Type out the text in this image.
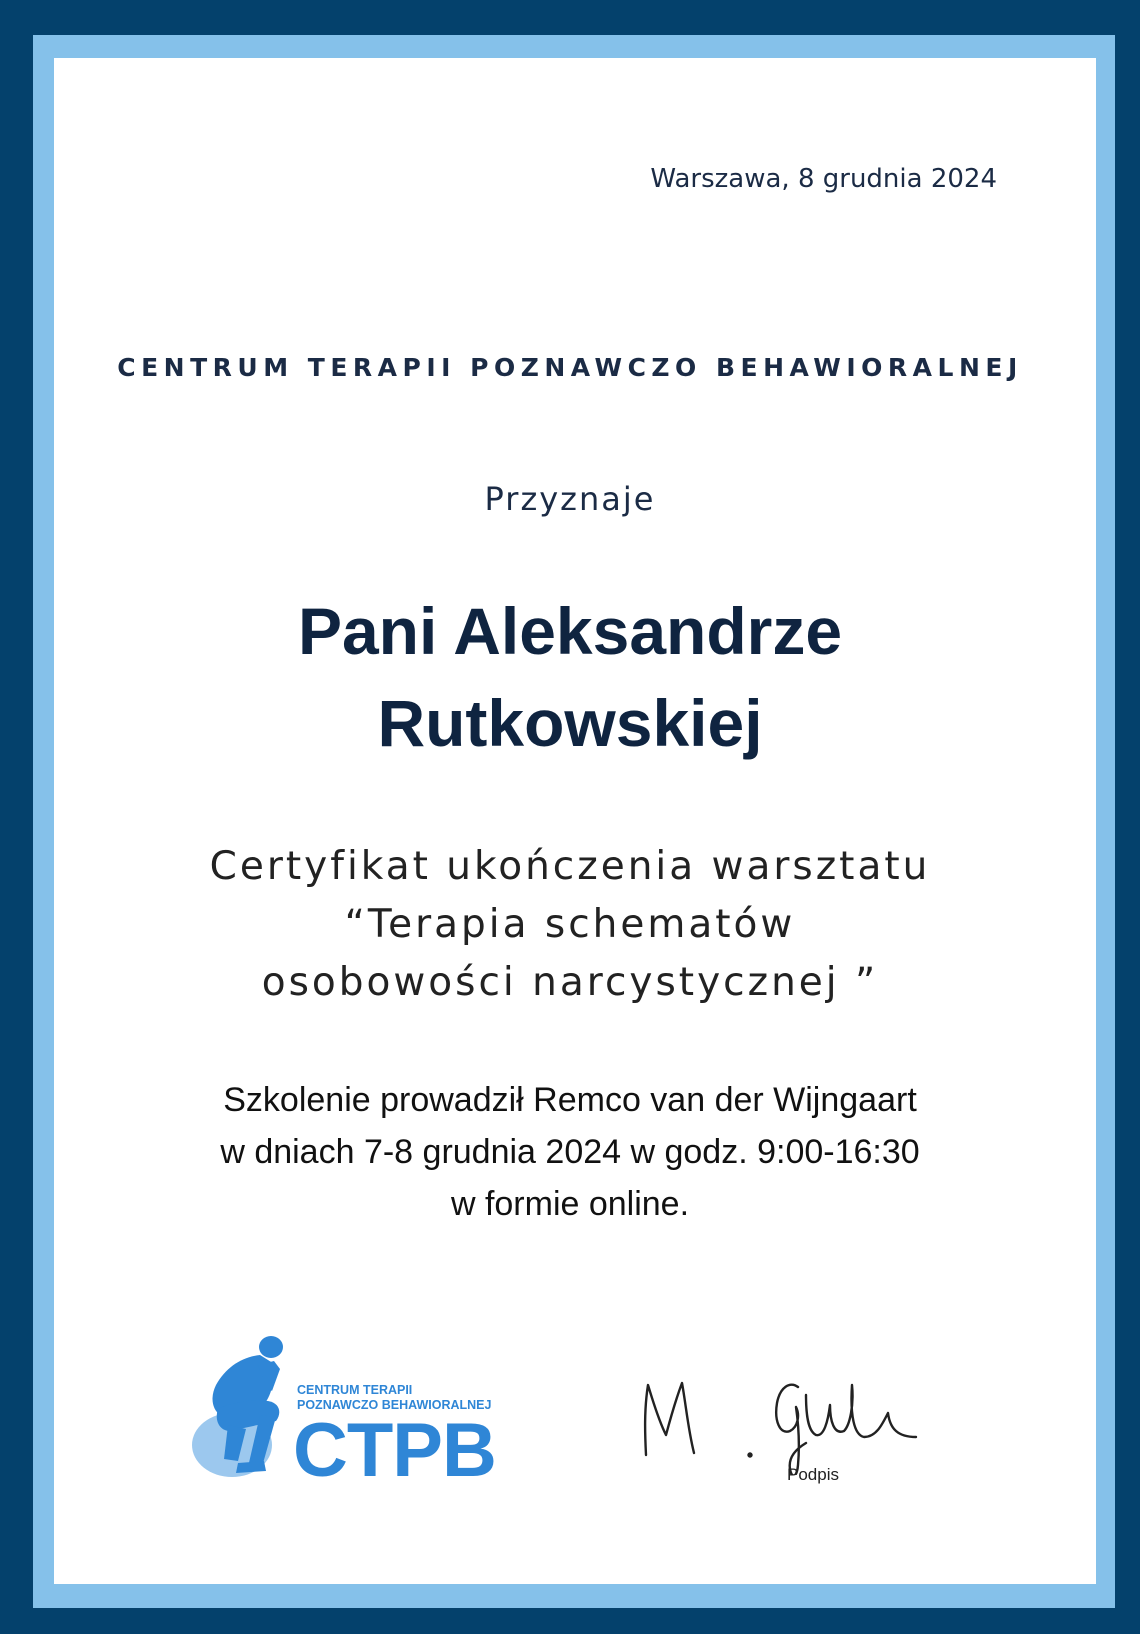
Warszawa, 8 grudnia 2024
CENTRUM TERAPII POZNAWCZO BEHAWIORALNEJ
Przyznaje
Pani Aleksandrze
Rutkowskiej
Certyfikat ukończenia warsztatu
“Terapia schematów
osobowości narcystycznej ”
Szkolenie prowadził Remco van der Wijngaart
w dniach 7-8 grudnia 2024 w godz. 9:00-16:30
w formie online.
CENTRUM TERAPII
POZNAWCZO BEHAWIORALNEJ
CTPB	Podpis
